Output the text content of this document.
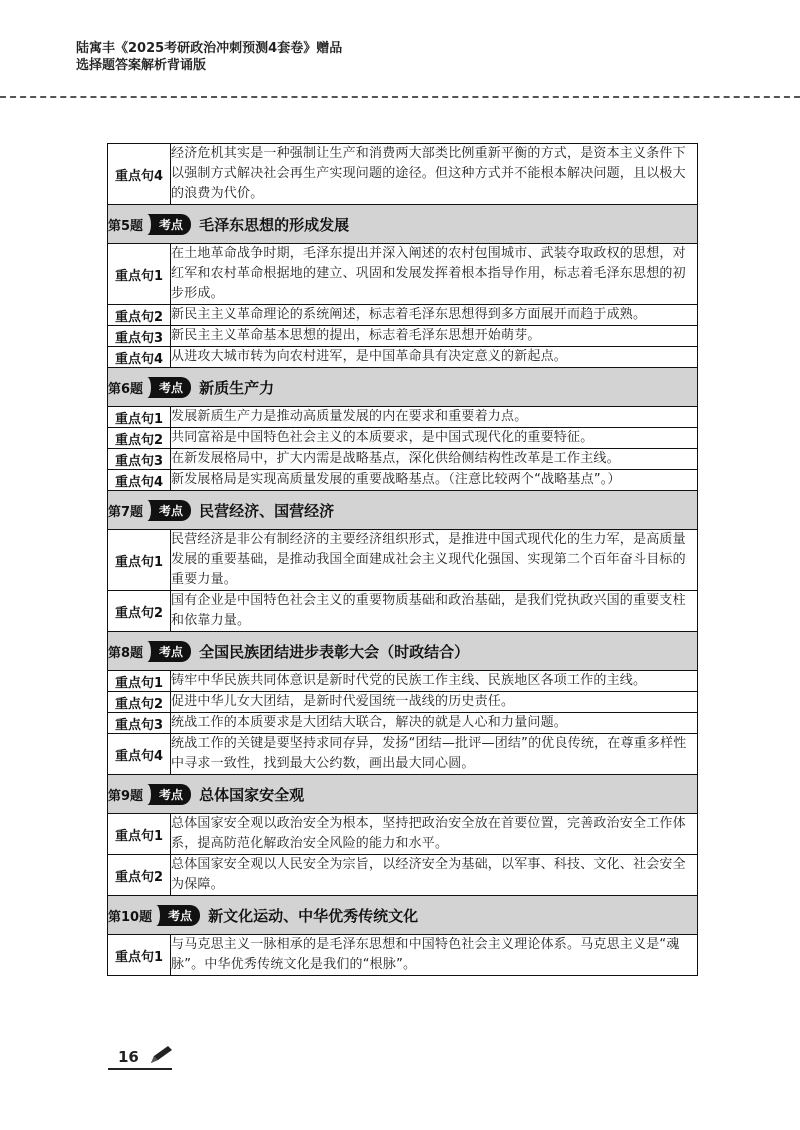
陆寓丰《2025考研政治冲刺预测4套卷》赠品
选择题答案解析背诵版
重点句4	经济危机其实是一种强制让生产和消费两大部类比例重新平衡的方式，是资本主义条件下以强制方式解决社会再生产实现问题的途径。但这种方式并不能根本解决问题，且以极大的浪费为代价。

第5题 考点 毛泽东思想的形成发展	

重点句1	在土地革命战争时期，毛泽东提出并深入阐述的农村包围城市、武装夺取政权的思想，对红军和农村革命根据地的建立、巩固和发展发挥着根本指导作用，标志着毛泽东思想的初步形成。
重点句2	新民主主义革命理论的系统阐述，标志着毛泽东思想得到多方面展开而趋于成熟。
重点句3	新民主主义革命基本思想的提出，标志着毛泽东思想开始萌芽。
重点句4	从进攻大城市转为向农村进军，是中国革命具有决定意义的新起点。

第6题 考点 新质生产力	

重点句1	发展新质生产力是推动高质量发展的内在要求和重要着力点。
重点句2	共同富裕是中国特色社会主义的本质要求，是中国式现代化的重要特征。
重点句3	在新发展格局中，扩大内需是战略基点，深化供给侧结构性改革是工作主线。
重点句4	新发展格局是实现高质量发展的重要战略基点。（注意比较两个“战略基点”。）

第7题 考点 民营经济、国营经济	

重点句1	民营经济是非公有制经济的主要经济组织形式，是推进中国式现代化的生力军，是高质量发展的重要基础，是推动我国全面建成社会主义现代化强国、实现第二个百年奋斗目标的重要力量。
重点句2	国有企业是中国特色社会主义的重要物质基础和政治基础，是我们党执政兴国的重要支柱和依靠力量。

第8题 考点 全国民族团结进步表彰大会（时政结合）	

重点句1	铸牢中华民族共同体意识是新时代党的民族工作主线、民族地区各项工作的主线。
重点句2	促进中华儿女大团结，是新时代爱国统一战线的历史责任。
重点句3	统战工作的本质要求是大团结大联合，解决的就是人心和力量问题。
重点句4	统战工作的关键是要坚持求同存异，发扬“团结—批评—团结”的优良传统，在尊重多样性中寻求一致性，找到最大公约数，画出最大同心圆。

第9题 考点 总体国家安全观	

重点句1	总体国家安全观以政治安全为根本，坚持把政治安全放在首要位置，完善政治安全工作体系，提高防范化解政治安全风险的能力和水平。
重点句2	总体国家安全观以人民安全为宗旨，以经济安全为基础，以军事、科技、文化、社会安全为保障。

第10题 考点 新文化运动、中华优秀传统文化	

重点句1	与马克思主义一脉相承的是毛泽东思想和中国特色社会主义理论体系。马克思主义是“魂脉”。中华优秀传统文化是我们的“根脉”。
16
